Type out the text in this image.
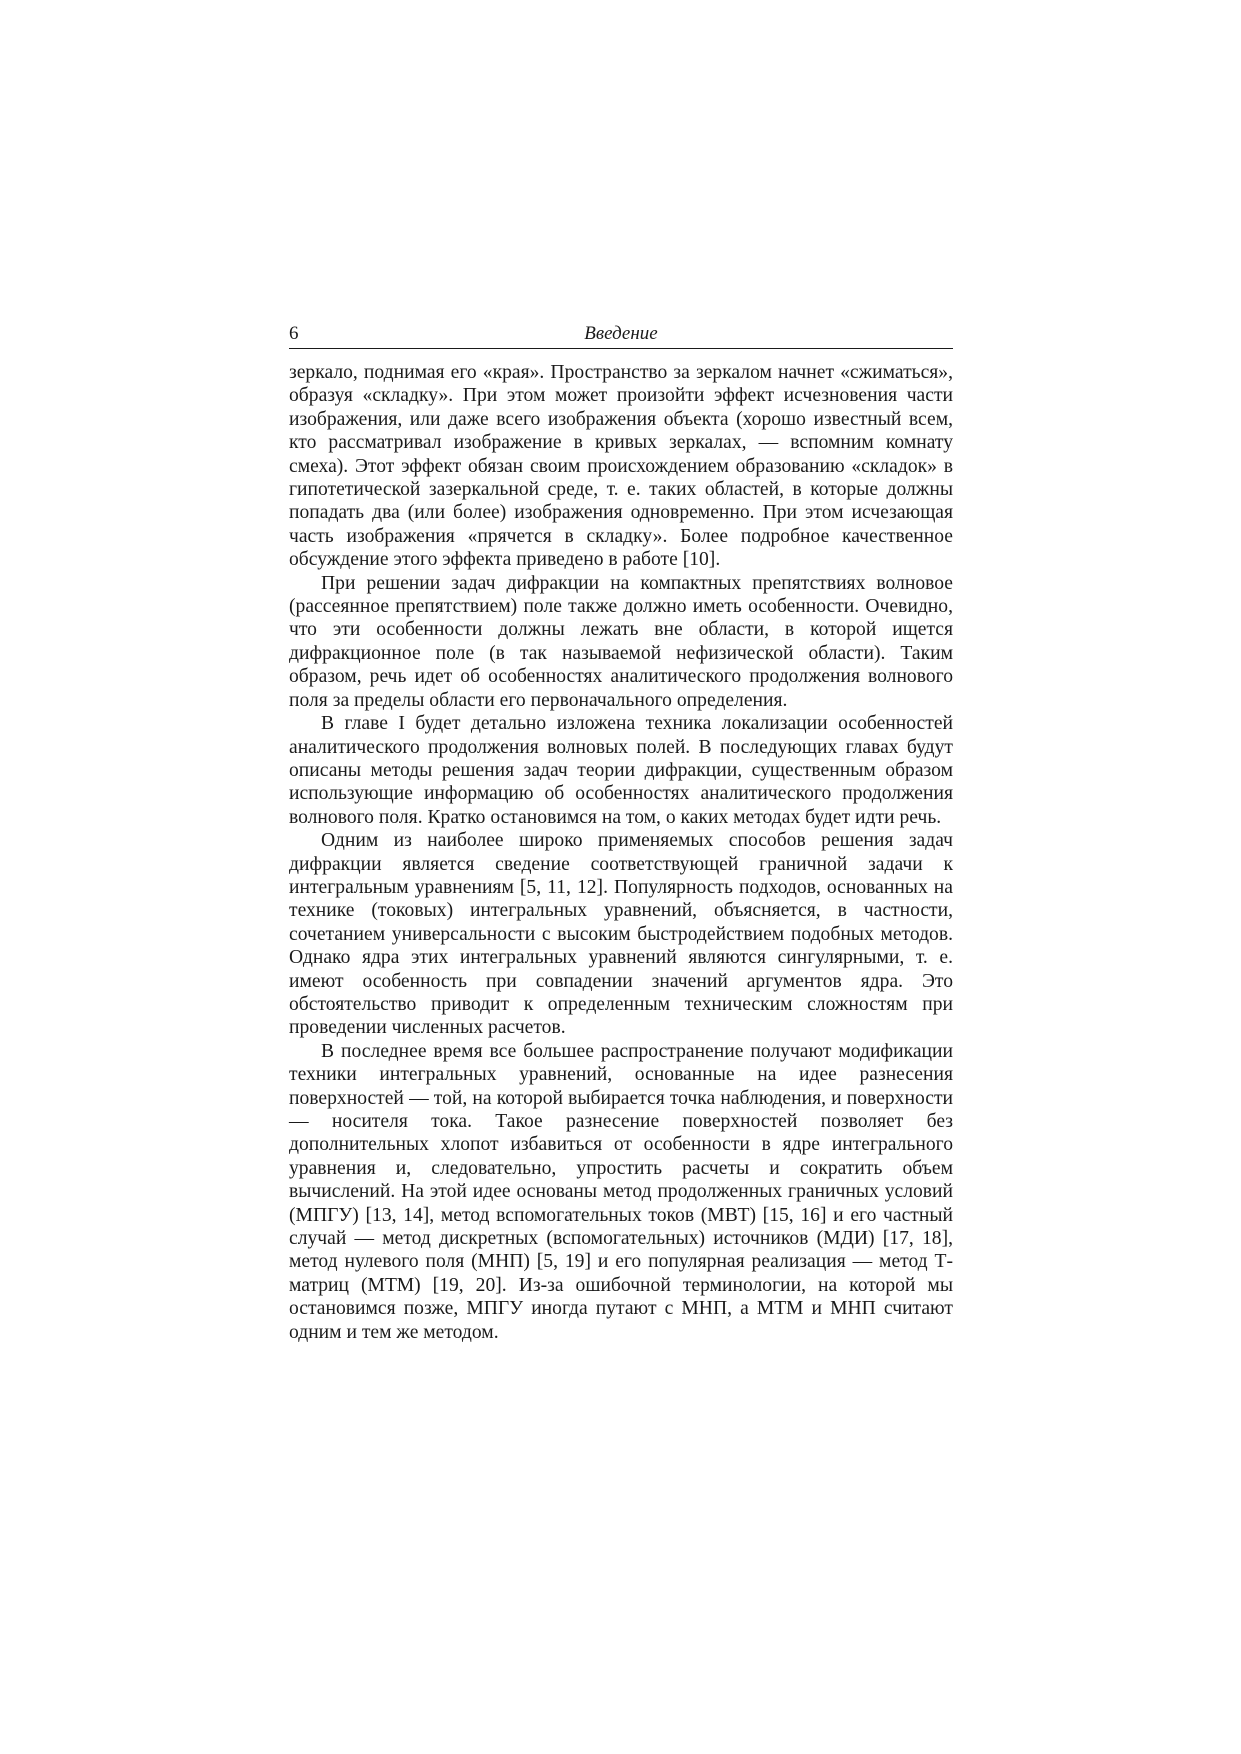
6	Введение

зеркало, поднимая его «края». Пространство за зеркалом начнет «сжиматься», образуя «складку». При этом может произойти эффект исчезновения части изображения, или даже всего изображения объекта (хорошо известный всем, кто рассматривал изображение в кривых зеркалах, — вспомним комнату смеха). Этот эффект обязан своим происхождением образованию «складок» в гипотетической зазеркальной среде, т. е. таких областей, в которые должны попадать два (или более) изображения одновременно. При этом исчезающая часть изображения «прячется в складку». Более подробное качественное обсуждение этого эффекта приведено в работе [10].

При решении задач дифракции на компактных препятствиях волновое (рассеянное препятствием) поле также должно иметь особенности. Очевидно, что эти особенности должны лежать вне области, в которой ищется дифракционное поле (в так называемой нефизической области). Таким образом, речь идет об особенностях аналитического продолжения волнового поля за пределы области его первоначального определения.

В главе I будет детально изложена техника локализации особенностей аналитического продолжения волновых полей. В последующих главах будут описаны методы решения задач теории дифракции, существенным образом использующие информацию об особенностях аналитического продолжения волнового поля. Кратко остановимся на том, о каких методах будет идти речь.

Одним из наиболее широко применяемых способов решения задач дифракции является сведение соответствующей граничной задачи к интегральным уравнениям [5, 11, 12]. Популярность подходов, основанных на технике (токовых) интегральных уравнений, объясняется, в частности, сочетанием универсальности с высоким быстродействием подобных методов. Однако ядра этих интегральных уравнений являются сингулярными, т. е. имеют особенность при совпадении значений аргументов ядра. Это обстоятельство приводит к определенным техническим сложностям при проведении численных расчетов.

В последнее время все большее распространение получают модификации техники интегральных уравнений, основанные на идее разнесения поверхностей — той, на которой выбирается точка наблюдения, и поверхности — носителя тока. Такое разнесение поверхностей позволяет без дополнительных хлопот избавиться от особенности в ядре интегрального уравнения и, следовательно, упростить расчеты и сократить объем вычислений. На этой идее основаны метод продолженных граничных условий (МПГУ) [13, 14], метод вспомогательных токов (МВТ) [15, 16] и его частный случай — метод дискретных (вспомогательных) источников (МДИ) [17, 18], метод нулевого поля (МНП) [5, 19] и его популярная реализация — метод Т-матриц (МТМ) [19, 20]. Из-за ошибочной терминологии, на которой мы остановимся позже, МПГУ иногда путают с МНП, а МТМ и МНП считают одним и тем же методом.
